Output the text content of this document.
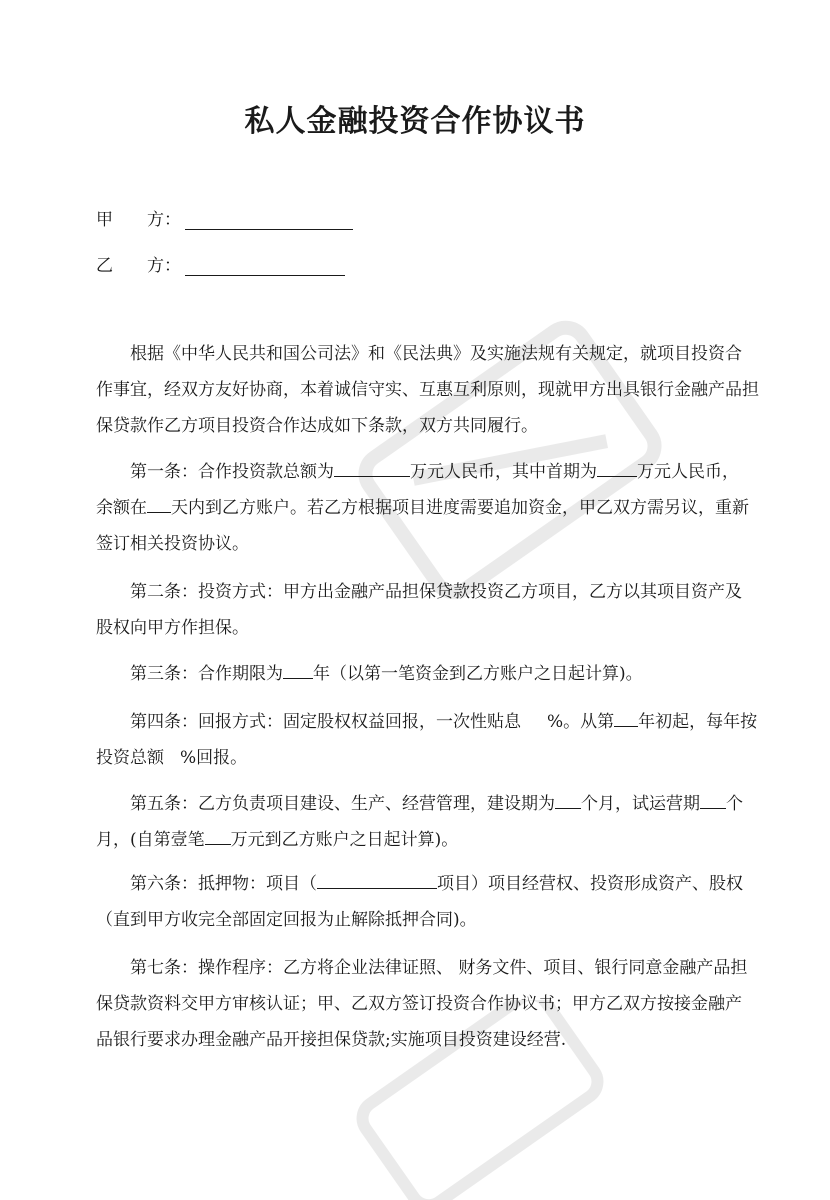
私人金融投资合作协议书
甲　　方：
乙　　方：
根据《中华人民共和国公司法》和《民法典》及实施法规有关规定，就项目投资合
作事宜，经双方友好协商，本着诚信守实、互惠互利原则，现就甲方出具银行金融产品担
保贷款作乙方项目投资合作达成如下条款，双方共同履行。
第一条：合作投资款总额为	万元人民币，其中首期为 万元人民币，
余额在 天内到乙方账户。若乙方根据项目进度需要追加资金，甲乙双方需另议，重新
签订相关投资协议。
第二条：投资方式：甲方出金融产品担保贷款投资乙方项目，乙方以其项目资产及
股权向甲方作担保。
第三条：合作期限为 年（以第一笔资金到乙方账户之日起计算)。
第四条：回报方式：固定股权权益回报，一次性贴息 %。从第 年初起，每年按
投资总额 %回报。
第五条：乙方负责项目建设、生产、经营管理，建设期为 个月，试运营期 个
月，(自第壹笔 万元到乙方账户之日起计算)。
第六条：抵押物：项目（	项目）项目经营权、投资形成资产、股权
（直到甲方收完全部固定回报为止解除抵押合同)。
第七条：操作程序：乙方将企业法律证照、 财务文件、项目、银行同意金融产品担
保贷款资料交甲方审核认证；甲、乙双方签订投资合作协议书；甲方乙双方按接金融产
品银行要求办理金融产品开接担保贷款;实施项目投资建设经营.
